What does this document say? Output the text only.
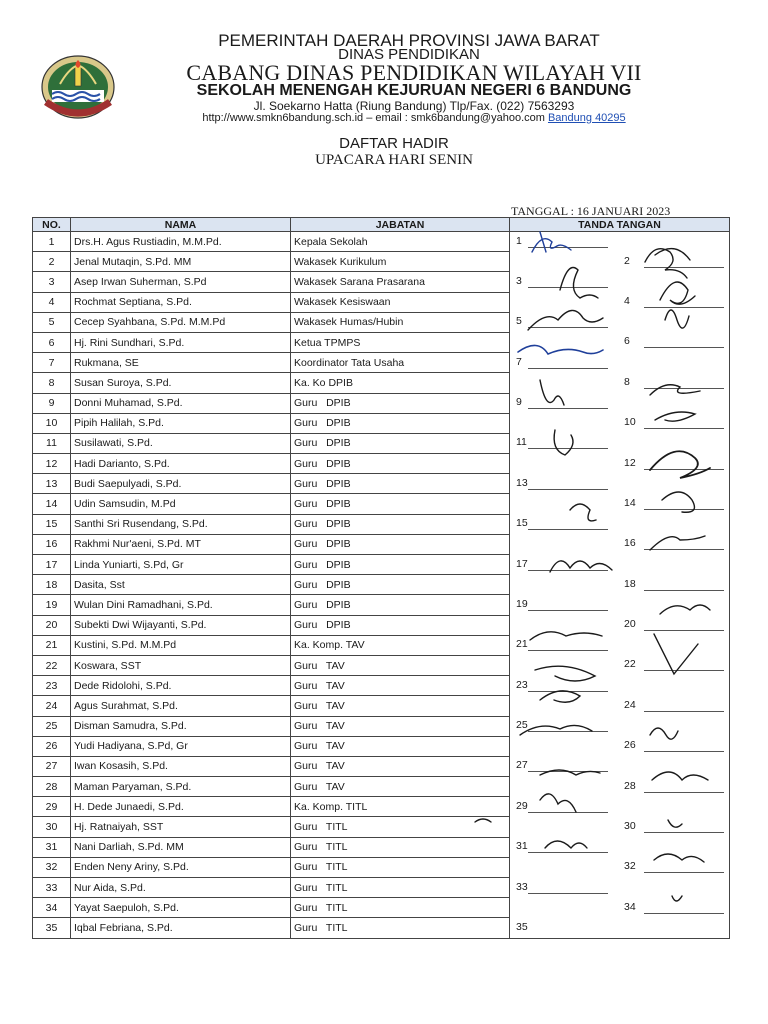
PEMERINTAH DAERAH PROVINSI JAWA BARAT
DINAS PENDIDIKAN
CABANG DINAS PENDIDIKAN WILAYAH VII
SEKOLAH MENENGAH KEJURUAN NEGERI 6 BANDUNG
Jl. Soekarno Hatta (Riung Bandung) Tlp/Fax. (022) 7563293
http://www.smkn6bandung.sch.id – email : smk6bandung@yahoo.com Bandung 40295
DAFTAR HADIR
UPACARA HARI SENIN
TANGGAL : 16 JANUARI 2023
NO.	NAMA	JABATAN	TANDA TANGAN
1	Drs.H. Agus Rustiadin, M.M.Pd.	Kepala Sekolah	1

2	Jenal Mutaqin, S.Pd. MM	Wakasek Kurikulum	2

3	Asep Irwan Suherman, S.Pd	Wakasek Sarana Prasarana	3

4	Rochmat Septiana, S.Pd.	Wakasek Kesiswaan	4

5	Cecep Syahbana, S.Pd. M.M.Pd	Wakasek Humas/Hubin	5

6	Hj. Rini Sundhari, S.Pd.	Ketua TPMPS	6

7	Rukmana, SE	Koordinator Tata Usaha	7

8	Susan Suroya, S.Pd.	Ka. Ko DPIB	8

9	Donni Muhamad, S.Pd.	Guru   DPIB	9

10	Pipih Halilah, S.Pd.	Guru   DPIB	10

11	Susilawati, S.Pd.	Guru   DPIB	11

12	Hadi Darianto, S.Pd.	Guru   DPIB	12

13	Budi Saepulyadi, S.Pd.	Guru   DPIB	13

14	Udin Samsudin, M.Pd	Guru   DPIB	14

15	Santhi Sri Rusendang, S.Pd.	Guru   DPIB	15

16	Rakhmi Nur'aeni, S.Pd. MT	Guru   DPIB	16

17	Linda Yuniarti, S.Pd, Gr	Guru   DPIB	17

18	Dasita, Sst	Guru   DPIB	18

19	Wulan Dini Ramadhani, S.Pd.	Guru   DPIB	19

20	Subekti Dwi Wijayanti, S.Pd.	Guru   DPIB	20

21	Kustini, S.Pd. M.M.Pd	Ka. Komp. TAV	21

22	Koswara, SST	Guru   TAV	22

23	Dede Ridolohi, S.Pd.	Guru   TAV	23

24	Agus Surahmat, S.Pd.	Guru   TAV	24

25	Disman Samudra, S.Pd.	Guru   TAV	25

26	Yudi Hadiyana, S.Pd, Gr	Guru   TAV	26

27	Iwan Kosasih, S.Pd.	Guru   TAV	27

28	Maman Paryaman, S.Pd.	Guru   TAV	28

29	H. Dede Junaedi, S.Pd.	Ka. Komp. TITL	29

30	Hj. Ratnaiyah, SST	Guru   TITL	30

31	Nani Darliah, S.Pd. MM	Guru   TITL	31

32	Enden Neny Ariny, S.Pd.	Guru   TITL	32

33	Nur Aida, S.Pd.	Guru   TITL	33

34	Yayat Saepuloh, S.Pd.	Guru   TITL	34

35	Iqbal Febriana, S.Pd.	Guru   TITL	35
